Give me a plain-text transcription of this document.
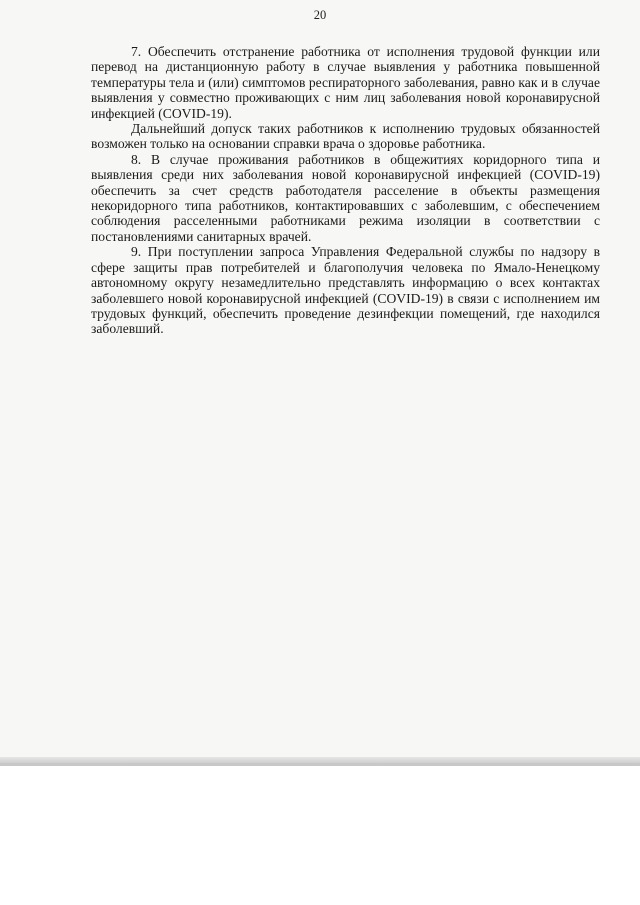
20

7. Обеспечить отстранение работника от исполнения трудовой функции или перевод на дистанционную работу в случае выявления у работника повышенной температуры тела и (или) симптомов респираторного заболевания, равно как и в случае выявления у совместно проживающих с ним лиц заболевания новой коронавирусной инфекцией (COVID-19).

Дальнейший допуск таких работников к исполнению трудовых обязанностей возможен только на основании справки врача о здоровье работника.

8. В случае проживания работников в общежитиях коридорного типа и выявления среди них заболевания новой коронавирусной инфекцией (COVID-19) обеспечить за счет средств работодателя расселение в объекты размещения некоридорного типа работников, контактировавших с заболевшим, с обеспечением соблюдения расселенными работниками режима изоляции в соответствии с постановлениями санитарных врачей.

9. При поступлении запроса Управления Федеральной службы по надзору в сфере защиты прав потребителей и благополучия человека по Ямало-Ненецкому автономному округу незамедлительно представлять информацию о всех контактах заболевшего новой коронавирусной инфекцией (COVID-19) в связи с исполнением им трудовых функций, обеспечить проведение дезинфекции помещений, где находился заболевший.
